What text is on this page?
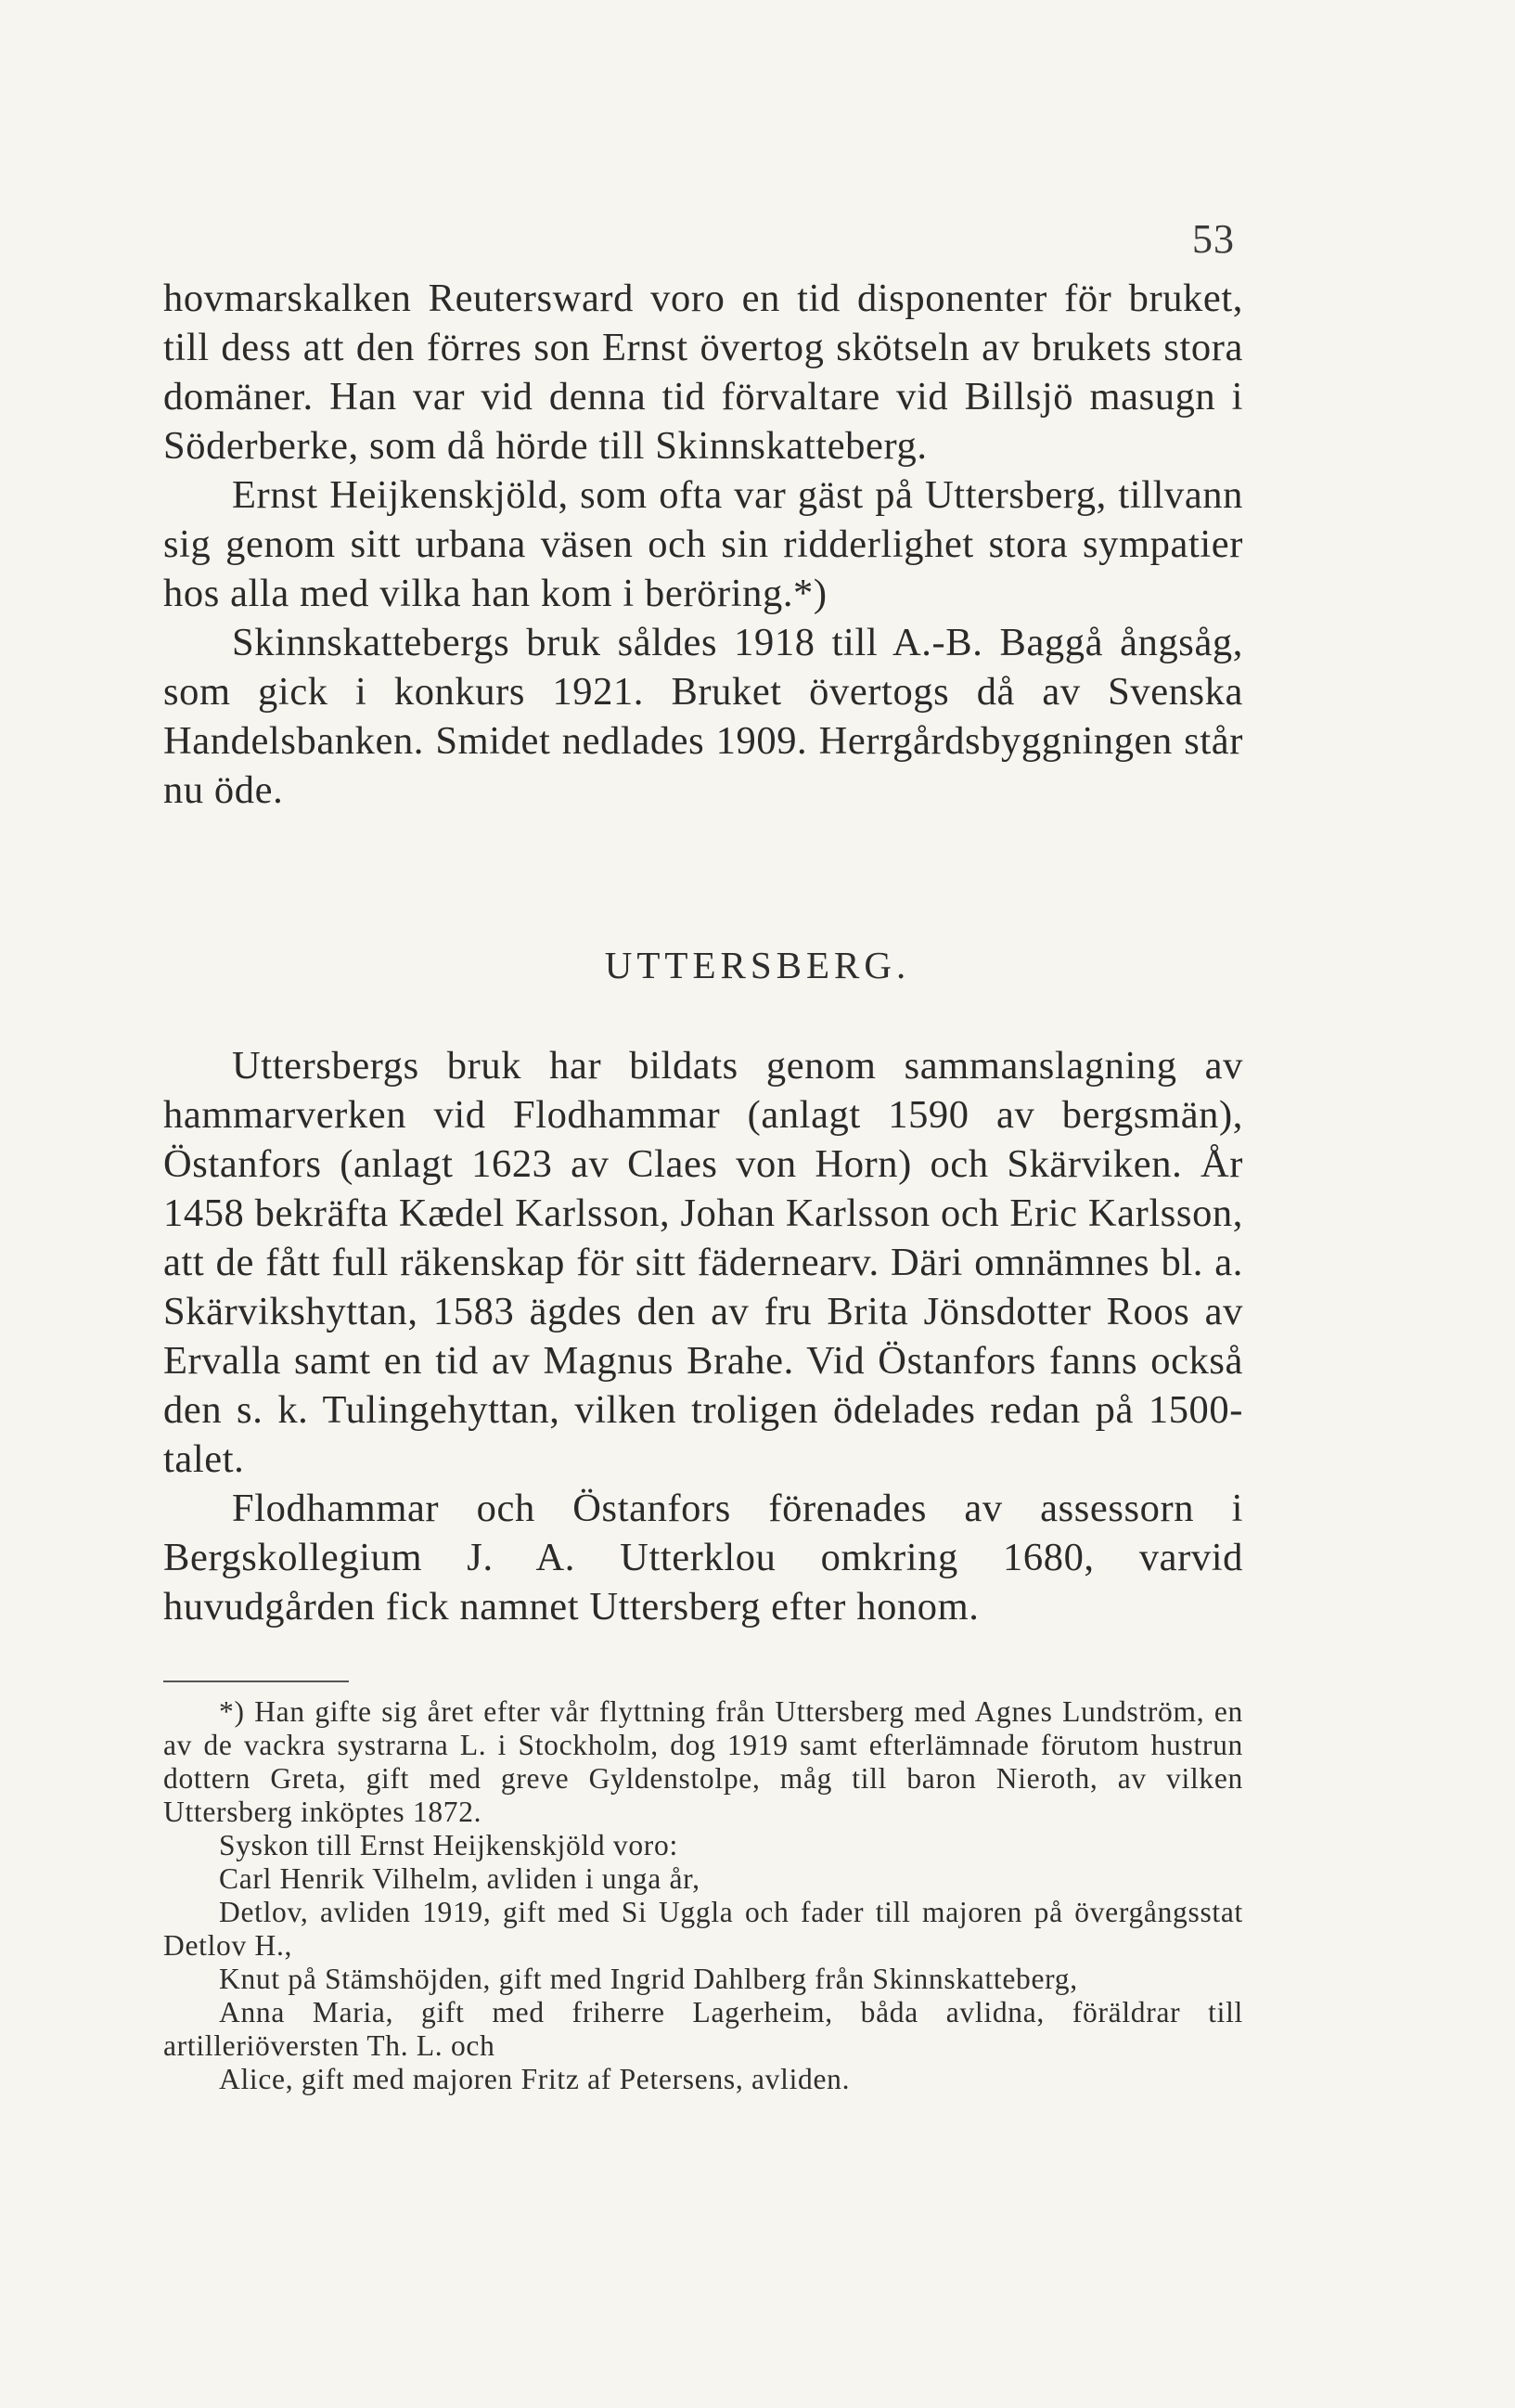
53

hovmarskalken Reutersward voro en tid disponenter för bruket, till dess att den förres son Ernst övertog skötseln av brukets stora domäner. Han var vid denna tid förvaltare vid Billsjö masugn i Söderberke, som då hörde till Skinnskatteberg.

Ernst Heijkenskjöld, som ofta var gäst på Uttersberg, tillvann sig genom sitt urbana väsen och sin ridderlighet stora sympatier hos alla med vilka han kom i beröring.*)

Skinnskattebergs bruk såldes 1918 till A.-B. Baggå ångsåg, som gick i konkurs 1921. Bruket övertogs då av Svenska Handelsbanken. Smidet nedlades 1909. Herrgårdsbyggningen står nu öde.

UTTERSBERG.

Uttersbergs bruk har bildats genom sammanslagning av hammarverken vid Flodhammar (anlagt 1590 av bergsmän), Östanfors (anlagt 1623 av Claes von Horn) och Skärviken. År 1458 bekräfta Kædel Karlsson, Johan Karlsson och Eric Karlsson, att de fått full räkenskap för sitt fädernearv. Däri omnämnes bl. a. Skärvikshyttan, 1583 ägdes den av fru Brita Jönsdotter Roos av Ervalla samt en tid av Magnus Brahe. Vid Östanfors fanns också den s. k. Tulingehyttan, vilken troligen ödelades redan på 1500-talet.

Flodhammar och Östanfors förenades av assessorn i Bergskollegium J. A. Utterklou omkring 1680, varvid huvudgården fick namnet Uttersberg efter honom.

*) Han gifte sig året efter vår flyttning från Uttersberg med Agnes Lundström, en av de vackra systrarna L. i Stockholm, dog 1919 samt efterlämnade förutom hustrun dottern Greta, gift med greve Gyldenstolpe, måg till baron Nieroth, av vilken Uttersberg inköptes 1872.

Syskon till Ernst Heijkenskjöld voro:

Carl Henrik Vilhelm, avliden i unga år,

Detlov, avliden 1919, gift med Si Uggla och fader till majoren på övergångsstat Detlov H.,

Knut på Stämshöjden, gift med Ingrid Dahlberg från Skinnskatteberg,

Anna Maria, gift med friherre Lagerheim, båda avlidna, föräldrar till artilleriöversten Th. L. och

Alice, gift med majoren Fritz af Petersens, avliden.
